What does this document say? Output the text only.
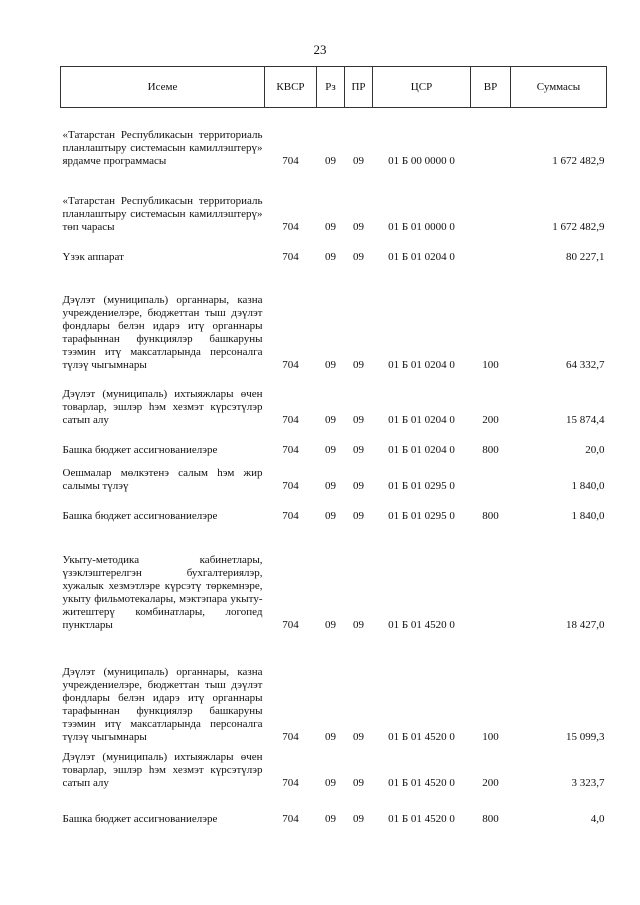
23
Исеме	КВСР	Рз	ПР	ЦСР	ВР	Суммасы
«Татарстан Республикасын территориаль планлаштыру системасын камиллэштерү» ярдамче программасы	704	09	09	01 Б 00 0000 0		1 672 482,9
«Татарстан Республикасын территориаль планлаштыру системасын камиллэштерү» төп чарасы	704	09	09	01 Б 01 0000 0		1 672 482,9
Үзэк аппарат	704	09	09	01 Б 01 0204 0		80 227,1
Дэүлэт (муниципаль) органнары, казна учреждениелэре, бюджеттан тыш дэүлэт фондлары белэн идарэ итү органнары тарафыннан функциялэр башкаруны тээмин итү максатларында персоналга түлэү чыгымнары	704	09	09	01 Б 01 0204 0	100	64 332,7
Дэүлэт (муниципаль) ихтыяжлары өчен товарлар, эшлэр һэм хезмэт күрсэтүлэр сатып алу	704	09	09	01 Б 01 0204 0	200	15 874,4
Башка бюджет ассигнованиелэре	704	09	09	01 Б 01 0204 0	800	20,0
Оешмалар мөлкэтенэ салым һэм жир салымы түлэү	704	09	09	01 Б 01 0295 0		1 840,0
Башка бюджет ассигнованиелэре	704	09	09	01 Б 01 0295 0	800	1 840,0
Укыту-методика кабинетлары, үзэклэштерелгэн бухгалтериялэр, хужалык хезмэтлэре күрсэтү төркемнэре, укыту фильмотекалары, мэктэпара укыту-житештерү комбинатлары, логопед пунктлары	704	09	09	01 Б 01 4520 0		18 427,0
Дэүлэт (муниципаль) органнары, казна учреждениелэре, бюджеттан тыш дэүлэт фондлары белэн идарэ итү органнары тарафыннан функциялэр башкаруны тээмин итү максатларында персоналга түлэү чыгымнары	704	09	09	01 Б 01 4520 0	100	15 099,3
Дэүлэт (муниципаль) ихтыяжлары өчен товарлар, эшлэр һэм хезмэт күрсэтүлэр сатып алу	704	09	09	01 Б 01 4520 0	200	3 323,7
Башка бюджет ассигнованиелэре	704	09	09	01 Б 01 4520 0	800	4,0
